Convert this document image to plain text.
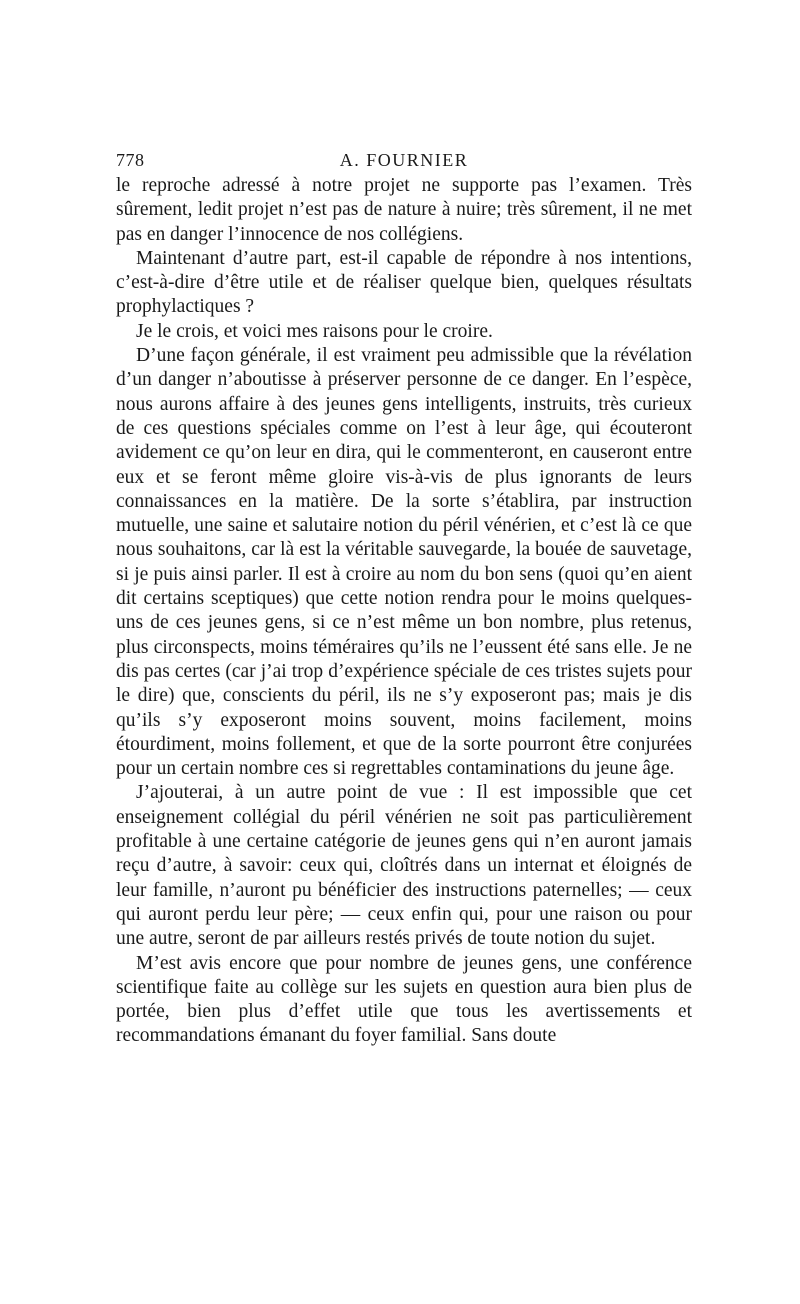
778	A. FOURNIER

le reproche adressé à notre projet ne supporte pas l’examen. Très sûrement, ledit projet n’est pas de nature à nuire; très sûrement, il ne met pas en danger l’innocence de nos collégiens.

Maintenant d’autre part, est-il capable de répondre à nos intentions, c’est-à-dire d’être utile et de réaliser quelque bien, quelques résultats prophylactiques ?

Je le crois, et voici mes raisons pour le croire.

D’une façon générale, il est vraiment peu admissible que la révélation d’un danger n’aboutisse à préserver personne de ce danger. En l’espèce, nous aurons affaire à des jeunes gens intelligents, instruits, très curieux de ces questions spéciales comme on l’est à leur âge, qui écouteront avidement ce qu’on leur en dira, qui le commenteront, en causeront entre eux et se feront même gloire vis-à-vis de plus ignorants de leurs connaissances en la matière. De la sorte s’établira, par instruction mutuelle, une saine et salutaire notion du péril vénérien, et c’est là ce que nous souhaitons, car là est la véritable sauvegarde, la bouée de sauvetage, si je puis ainsi parler. Il est à croire au nom du bon sens (quoi qu’en aient dit certains sceptiques) que cette notion rendra pour le moins quelques-uns de ces jeunes gens, si ce n’est même un bon nombre, plus retenus, plus circonspects, moins téméraires qu’ils ne l’eussent été sans elle. Je ne dis pas certes (car j’ai trop d’expérience spéciale de ces tristes sujets pour le dire) que, conscients du péril, ils ne s’y exposeront pas; mais je dis qu’ils s’y exposeront moins souvent, moins facilement, moins étourdiment, moins follement, et que de la sorte pourront être conjurées pour un certain nombre ces si regrettables contaminations du jeune âge.

J’ajouterai, à un autre point de vue : Il est impossible que cet enseignement collégial du péril vénérien ne soit pas particulièrement profitable à une certaine catégorie de jeunes gens qui n’en auront jamais reçu d’autre, à savoir: ceux qui, cloîtrés dans un internat et éloignés de leur famille, n’auront pu bénéficier des instructions paternelles; — ceux qui auront perdu leur père; — ceux enfin qui, pour une raison ou pour une autre, seront de par ailleurs restés privés de toute notion du sujet.

M’est avis encore que pour nombre de jeunes gens, une conférence scientifique faite au collège sur les sujets en question aura bien plus de portée, bien plus d’effet utile que tous les avertissements et recommandations émanant du foyer familial. Sans doute
